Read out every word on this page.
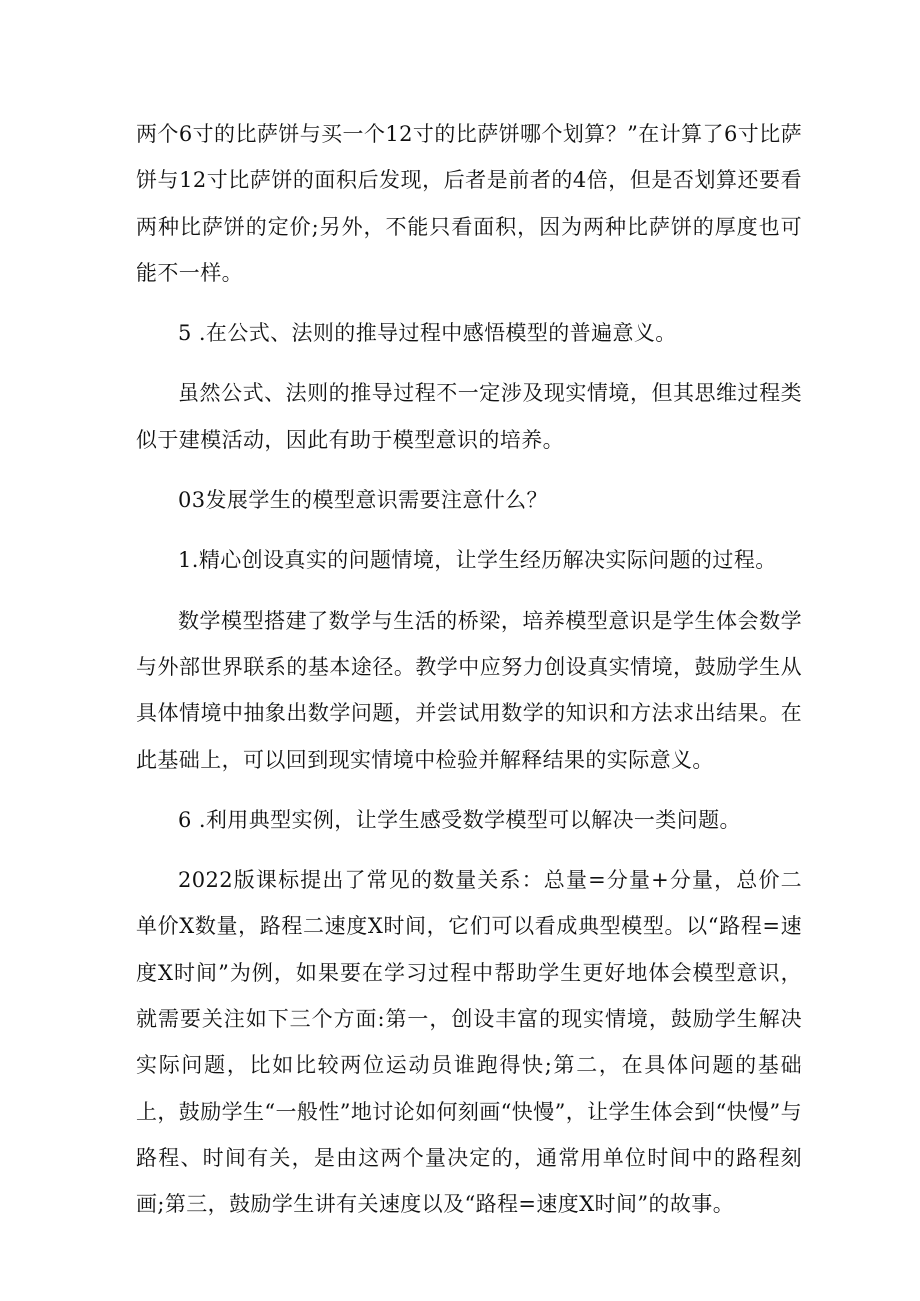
两个6寸的比萨饼与买一个12寸的比萨饼哪个划算？”在计算了6寸比萨饼与12寸比萨饼的面积后发现，后者是前者的4倍，但是否划算还要看两种比萨饼的定价;另外，不能只看面积，因为两种比萨饼的厚度也可能不一样。

5 .在公式、法则的推导过程中感悟模型的普遍意义。

虽然公式、法则的推导过程不一定涉及现实情境，但其思维过程类似于建模活动，因此有助于模型意识的培养。

03发展学生的模型意识需要注意什么？

1.精心创设真实的问题情境，让学生经历解决实际问题的过程。

数学模型搭建了数学与生活的桥梁，培养模型意识是学生体会数学与外部世界联系的基本途径。教学中应努力创设真实情境，鼓励学生从具体情境中抽象出数学问题，并尝试用数学的知识和方法求出结果。在此基础上，可以回到现实情境中检验并解释结果的实际意义。

6 .利用典型实例，让学生感受数学模型可以解决一类问题。

2022版课标提出了常见的数量关系：总量=分量+分量，总价二单价X数量，路程二速度X时间，它们可以看成典型模型。以“路程=速度X时间”为例，如果要在学习过程中帮助学生更好地体会模型意识，就需要关注如下三个方面:第一，创设丰富的现实情境，鼓励学生解决实际问题，比如比较两位运动员谁跑得快;第二，在具体问题的基础上，鼓励学生“一般性”地讨论如何刻画“快慢”，让学生体会到“快慢”与路程、时间有关，是由这两个量决定的，通常用单位时间中的路程刻画;第三，鼓励学生讲有关速度以及“路程=速度X时间”的故事。
